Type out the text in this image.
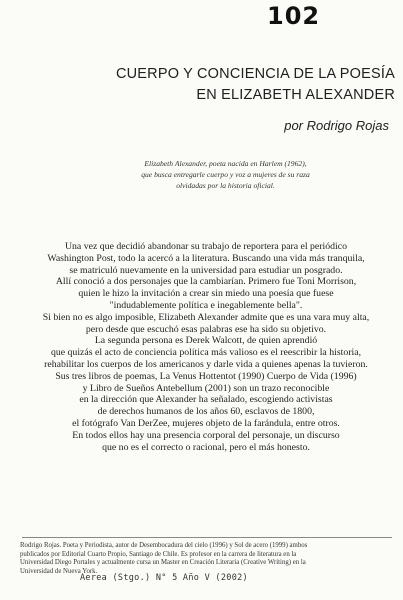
102
CUERPO Y CONCIENCIA DE LA POESÍA
EN ELIZABETH ALEXANDER
por Rodrigo Rojas
Elizabeth Alexander, poeta nacida en Harlem (1962),
que busca entregarle cuerpo y voz a mujeres de su raza
olvidadas por la historia oficial.
Una vez que decidió abandonar su trabajo de reportera para el periódico
Washington Post, todo la acercó a la literatura. Buscando una vida más tranquila,
se matriculó nuevamente en la universidad para estudiar un posgrado.
Allí conoció a dos personajes que la cambiarían. Primero fue Toni Morrison,
quien le hizo la invitación a crear sin miedo una poesía que fuese
"indudablemente política e inegablemente bella".
Si bien no es algo imposible, Elizabeth Alexander admite que es una vara muy alta,
pero desde que escuchó esas palabras ese ha sido su objetivo.
La segunda persona es Derek Walcott, de quien aprendió
que quizás el acto de conciencia política más valioso es el reescribir la historia,
rehabilitar los cuerpos de los americanos y darle vida a quienes apenas la tuvieron.
Sus tres libros de poemas, La Venus Hottentot (1990) Cuerpo de Vida (1996)
y Libro de Sueños Antebellum (2001) son un trazo reconocible
en la dirección que Alexander ha señalado, escogiendo activistas
de derechos humanos de los años 60, esclavos de 1800,
el fotógrafo Van DerZee, mujeres objeto de la farándula, entre otros.
En todos ellos hay una presencia corporal del personaje, un discurso
que no es el correcto o racional, pero el más honesto.
Rodrigo Rojas. Poeta y Periodista, autor de Desembocadura del cielo (1996) y Sol de acero (1999) ambos
publicados por Editorial Cuarto Propio, Santiago de Chile. Es profesor en la carrera de literatura en la
Universidad Diego Portales y actualmente cursa un Master en Creación Literaria (Creative Writing) en la
Universidad de Nueva York.
Aerea (Stgo.) N° 5 Año V (2002)
